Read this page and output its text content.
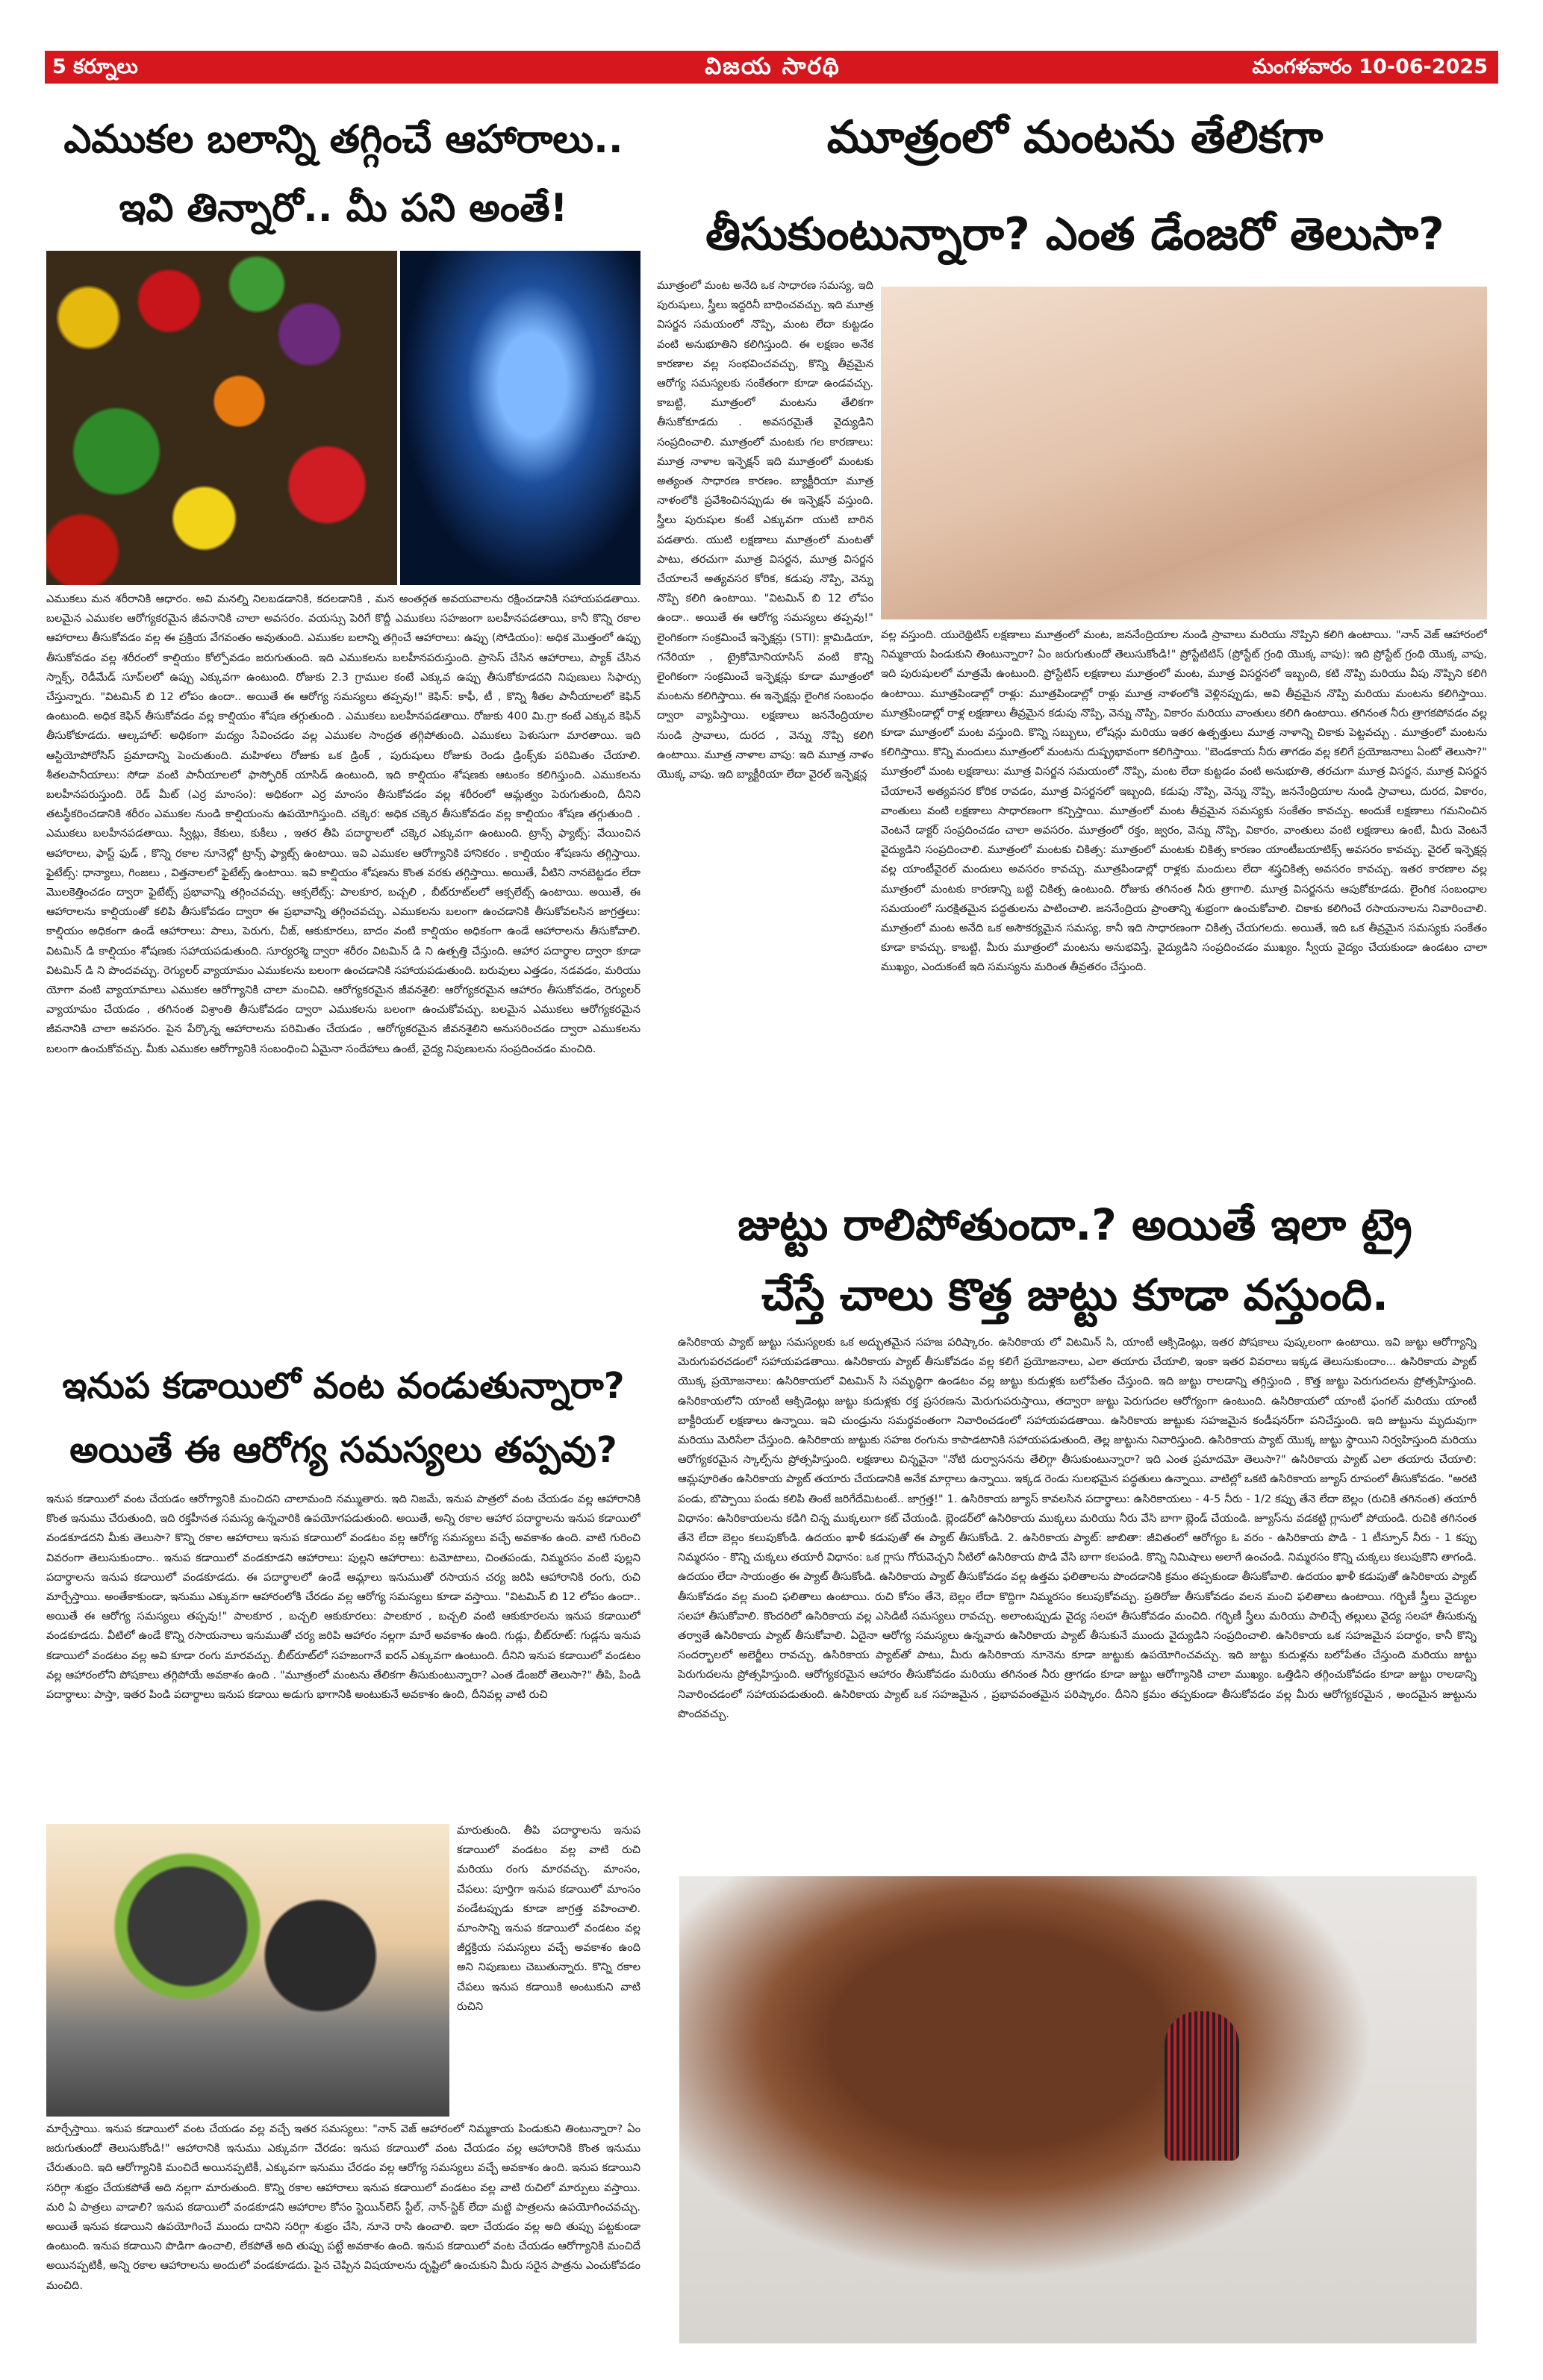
5 కర్నూలు	విజయ సారథి	మంగళవారం 10-06-2025
ఎముకల బలాన్ని తగ్గించే ఆహారాలు..
ఇవి తిన్నారో.. మీ పని అంతే!
ఎముకలు మన శరీరానికి ఆధారం. అవి మనల్ని నిలబడడానికి, కదలడానికి , మన అంతర్గత అవయవాలను రక్షించడానికి సహాయపడతాయి. బలమైన ఎముకల ఆరోగ్యకరమైన జీవనానికి చాలా అవసరం. వయస్సు పెరిగే కొద్దీ ఎముకలు సహజంగా బలహీనపడతాయి, కానీ కొన్ని రకాల ఆహారాలు తీసుకోవడం వల్ల ఈ ప్రక్రియ వేగవంతం అవుతుంది. ఎముకల బలాన్ని తగ్గించే ఆహారాలు: ఉప్పు (సోడియం): అధిక మొత్తంలో ఉప్పు తీసుకోవడం వల్ల శరీరంలో కాల్షియం కోల్పోవడం జరుగుతుంది. ఇది ఎముకలను బలహీనపరుస్తుంది. ప్రాసెస్ చేసిన ఆహారాలు, ప్యాక్ చేసిన స్నాక్స్, రెడీమేడ్ సూప్‌లలో ఉప్పు ఎక్కువగా ఉంటుంది. రోజుకు 2.3 గ్రాముల కంటే ఎక్కువ ఉప్పు తీసుకోకూడదని నిపుణులు సిఫార్సు చేస్తున్నారు. "విటమిన్ బి 12 లోపం ఉందా.. అయితే ఈ ఆరోగ్య సమస్యలు తప్పవు!" కెఫిన్: కాఫీ, టీ , కొన్ని శీతల పానీయాలలో కెఫిన్ ఉంటుంది. అధిక కెఫిన్ తీసుకోవడం వల్ల కాల్షియం శోషణ తగ్గుతుంది . ఎముకలు బలహీనపడతాయి. రోజుకు 400 మి.గ్రా కంటే ఎక్కువ కెఫిన్ తీసుకోకూడదు. ఆల్కహాల్: అధికంగా మద్యం సేవించడం వల్ల ఎముకల సాంద్రత తగ్గిపోతుంది. ఎముకలు పెళుసుగా మారతాయి. ఇది ఆస్టియోపోరోసిస్ ప్రమాదాన్ని పెంచుతుంది. మహిళలు రోజుకు ఒక డ్రింక్ , పురుషులు రోజుకు రెండు డ్రింక్స్‌కు పరిమితం చేయాలి. శీతలపానీయాలు: సోడా వంటి పానీయాలలో ఫాస్ఫోరిక్ యాసిడ్ ఉంటుంది, ఇది కాల్షియం శోషణకు ఆటంకం కలిగిస్తుంది. ఎముకలను బలహీనపరుస్తుంది. రెడ్ మీట్ (ఎర్ర మాంసం): అధికంగా ఎర్ర మాంసం తీసుకోవడం వల్ల శరీరంలో ఆమ్లత్వం పెరుగుతుంది, దీనిని తటస్థీకరించడానికి శరీరం ఎముకల నుండి కాల్షియంను ఉపయోగిస్తుంది. చక్కెర: అధిక చక్కెర తీసుకోవడం వల్ల కాల్షియం శోషణ తగ్గుతుంది . ఎముకలు బలహీనపడతాయి. స్వీట్లు, కేకులు, కుకీలు , ఇతర తీపి పదార్థాలలో చక్కెర ఎక్కువగా ఉంటుంది. ట్రాన్స్ ఫ్యాట్స్: వేయించిన ఆహారాలు, ఫాస్ట్ ఫుడ్ , కొన్ని రకాల నూనెల్లో ట్రాన్స్ ఫ్యాట్స్ ఉంటాయి. ఇవి ఎముకల ఆరోగ్యానికి హానికరం . కాల్షియం శోషణను తగ్గిస్తాయి. ఫైటేట్స్: ధాన్యాలు, గింజలు , విత్తనాలలో ఫైటేట్స్ ఉంటాయి. ఇవి కాల్షియం శోషణను కొంత వరకు తగ్గిస్తాయి. అయితే, వీటిని నానబెట్టడం లేదా మొలకెత్తించడం ద్వారా ఫైటేట్స్ ప్రభావాన్ని తగ్గించవచ్చు. ఆక్సలేట్స్: పాలకూర, బచ్చలి , బీట్‌రూట్‌లలో ఆక్సలేట్స్ ఉంటాయి. అయితే, ఈ ఆహారాలను కాల్షియంతో కలిపి తీసుకోవడం ద్వారా ఈ ప్రభావాన్ని తగ్గించవచ్చు. ఎముకలను బలంగా ఉంచడానికి తీసుకోవలసిన జాగ్రత్తలు: కాల్షియం అధికంగా ఉండే ఆహారాలు: పాలు, పెరుగు, చీజ్, ఆకుకూరలు, బాదం వంటి కాల్షియం అధికంగా ఉండే ఆహారాలను తీసుకోవాలి. విటమిన్ డి కాల్షియం శోషణకు సహాయపడుతుంది. సూర్యరశ్మి ద్వారా శరీరం విటమిన్ డి ని ఉత్పత్తి చేస్తుంది. ఆహార పదార్థాల ద్వారా కూడా విటమిన్ డి ని పొందవచ్చు. రెగ్యులర్ వ్యాయామం ఎముకలను బలంగా ఉంచడానికి సహాయపడుతుంది. బరువులు ఎత్తడం, నడవడం, మరియు యోగా వంటి వ్యాయామాలు ఎముకల ఆరోగ్యానికి చాలా మంచివి. ఆరోగ్యకరమైన జీవనశైలి: ఆరోగ్యకరమైన ఆహారం తీసుకోవడం, రెగ్యులర్ వ్యాయామం చేయడం , తగినంత విశ్రాంతి తీసుకోవడం ద్వారా ఎముకలను బలంగా ఉంచుకోవచ్చు. బలమైన ఎముకలు ఆరోగ్యకరమైన జీవనానికి చాలా అవసరం. పైన పేర్కొన్న ఆహారాలను పరిమితం చేయడం , ఆరోగ్యకరమైన జీవనశైలిని అనుసరించడం ద్వారా ఎముకలను బలంగా ఉంచుకోవచ్చు. మీకు ఎముకల ఆరోగ్యానికి సంబంధించి ఏమైనా సందేహాలు ఉంటే, వైద్య నిపుణులను సంప్రదించడం మంచిది.
ఇనుప కడాయిలో వంట వండుతున్నారా?
అయితే ఈ ఆరోగ్య సమస్యలు తప్పవు?
ఇనుప కడాయిలో వంట చేయడం ఆరోగ్యానికి మంచిదని చాలామంది నమ్ముతారు. ఇది నిజమే, ఇనుప పాత్రలో వంట చేయడం వల్ల ఆహారానికి కొంత ఇనుము చేరుతుంది, ఇది రక్తహీనత సమస్య ఉన్నవారికి ఉపయోగపడుతుంది. అయితే, అన్ని రకాల ఆహార పదార్థాలను ఇనుప కడాయిలో వండకూడదని మీకు తెలుసా? కొన్ని రకాల ఆహారాలు ఇనుప కడాయిలో వండటం వల్ల ఆరోగ్య సమస్యలు వచ్చే అవకాశం ఉంది. వాటి గురించి వివరంగా తెలుసుకుందాం.. ఇనుప కడాయిలో వండకూడని ఆహారాలు: పుల్లని ఆహారాలు: టమోటాలు, చింతపండు, నిమ్మరసం వంటి పుల్లని పదార్థాలను ఇనుప కడాయిలో వండకూడదు. ఈ పదార్థాలలో ఉండే ఆమ్లాలు ఇనుముతో రసాయన చర్య జరిపి ఆహారానికి రంగు, రుచి మార్చేస్తాయి. అంతేకాకుండా, ఇనుము ఎక్కువగా ఆహారంలోకి చేరడం వల్ల ఆరోగ్య సమస్యలు కూడా వస్తాయి. "విటమిన్ బి 12 లోపం ఉందా.. అయితే ఈ ఆరోగ్య సమస్యలు తప్పవు!" పాలకూర , బచ్చలి ఆకుకూరలు: పాలకూర , బచ్చలి వంటి ఆకుకూరలను ఇనుప కడాయిలో వండకూడదు. వీటిలో ఉండే కొన్ని రసాయనాలు ఇనుముతో చర్య జరిపి ఆహారం నల్లగా మారే అవకాశం ఉంది. గుడ్లు, బీట్‌రూట్: గుడ్లను ఇనుప కడాయిలో వండటం వల్ల అవి కూడా రంగు మారవచ్చు. బీట్‌రూట్‌లో సహజంగానే ఐరన్ ఎక్కువగా ఉంటుంది. దీనిని ఇనుప కడాయిలో వండటం వల్ల ఆహారంలోని పోషకాలు తగ్గిపోయే అవకాశం ఉంది . "మూత్రంలో మంటను తేలికగా తీసుకుంటున్నారా? ఎంత డేంజరో తెలుసా?" తీపి, పిండి పదార్థాలు: పాస్తా, ఇతర పిండి పదార్థాలు ఇనుప కడాయి అడుగు భాగానికి అంటుకునే అవకాశం ఉంది, దీనివల్ల వాటి రుచి
మారుతుంది. తీపి పదార్థాలను ఇనుప కడాయిలో వండటం వల్ల వాటి రుచి మరియు రంగు మారవచ్చు. మాంసం, చేపలు: పూర్తిగా ఇనుప కడాయిలో మాంసం వండేటప్పుడు కూడా జాగ్రత్త వహించాలి. మాంసాన్ని ఇనుప కడాయిలో వండటం వల్ల జీర్ణక్రియ సమస్యలు వచ్చే అవకాశం ఉంది అని నిపుణులు చెబుతున్నారు. కొన్ని రకాల చేపలు ఇనుప కడాయికి అంటుకుని వాటి రుచిని
మార్చేస్తాయి. ఇనుప కడాయిలో వంట చేయడం వల్ల వచ్చే ఇతర సమస్యలు: "నాన్ వెజ్ ఆహారంలో నిమ్మకాయ పిండుకుని తింటున్నారా? ఏం జరుగుతుందో తెలుసుకోండి!" ఆహారానికి ఇనుము ఎక్కువగా చేరడం: ఇనుప కడాయిలో వంట చేయడం వల్ల ఆహారానికి కొంత ఇనుము చేరుతుంది. ఇది ఆరోగ్యానికి మంచిదే అయినప్పటికీ, ఎక్కువగా ఇనుము చేరడం వల్ల ఆరోగ్య సమస్యలు వచ్చే అవకాశం ఉంది. ఇనుప కడాయిని సరిగ్గా శుభ్రం చేయకపోతే అది నల్లగా మారుతుంది. కొన్ని రకాల ఆహారాలు ఇనుప కడాయిలో వండటం వల్ల వాటి రుచిలో మార్పులు వస్తాయి. మరి ఏ పాత్రలు వాడాలి? ఇనుప కడాయిలో వండకూడని ఆహారాల కోసం స్టెయిన్‌లెస్ స్టీల్, నాన్-స్టిక్ లేదా మట్టి పాత్రలను ఉపయోగించవచ్చు. అయితే ఇనుప కడాయిని ఉపయోగించే ముందు దానిని సరిగ్గా శుభ్రం చేసి, నూనె రాసి ఉంచాలి. ఇలా చేయడం వల్ల అది తుప్పు పట్టకుండా ఉంటుంది. ఇనుప కడాయిని పొడిగా ఉంచాలి, లేకపోతే అది తుప్పు పట్టే అవకాశం ఉంది. ఇనుప కడాయిలో వంట చేయడం ఆరోగ్యానికి మంచిదే అయినప్పటికీ, అన్ని రకాల ఆహారాలను అందులో వండకూడదు. పైన చెప్పిన విషయాలను దృష్టిలో ఉంచుకుని మీరు సరైన పాత్రను ఎంచుకోవడం మంచిది.
మూత్రంలో మంటను తేలికగా
తీసుకుంటున్నారా? ఎంత డేంజరో తెలుసా?
మూత్రంలో మంట అనేది ఒక సాధారణ సమస్య, ఇది పురుషులు, స్త్రీలు ఇద్దరినీ బాధించవచ్చు. ఇది మూత్ర విసర్జన సమయంలో నొప్పి, మంట లేదా కుట్టడం వంటి అనుభూతిని కలిగిస్తుంది. ఈ లక్షణం అనేక కారణాల వల్ల సంభవించవచ్చు, కొన్ని తీవ్రమైన ఆరోగ్య సమస్యలకు సంకేతంగా కూడా ఉండవచ్చు. కాబట్టి, మూత్రంలో మంటను తేలికగా తీసుకోకూడదు . అవసరమైతే వైద్యుడిని సంప్రదించాలి. మూత్రంలో మంటకు గల కారణాలు: మూత్ర నాళాల ఇన్ఫెక్షన్ ఇది మూత్రంలో మంటకు అత్యంత సాధారణ కారణం. బ్యాక్టీరియా మూత్ర నాళంలోకి ప్రవేశించినప్పుడు ఈ ఇన్ఫెక్షన్ వస్తుంది. స్త్రీలు పురుషుల కంటే ఎక్కువగా యుటి బారిన పడతారు. యుటి లక్షణాలు మూత్రంలో మంటతో పాటు, తరచుగా మూత్ర విసర్జన, మూత్ర విసర్జన చేయాలనే అత్యవసర కోరిక, కడుపు నొప్పి, వెన్ను నొప్పి కలిగి ఉంటాయి. "విటమిన్ బి 12 లోపం ఉందా.. అయితే ఈ ఆరోగ్య సమస్యలు తప్పవు!" లైంగికంగా సంక్రమించే ఇన్ఫెక్షన్లు (STI): క్లామిడియా, గనేరియా , ట్రైకోమోనియాసిస్ వంటి కొన్ని లైంగికంగా సంక్రమించే ఇన్ఫెక్షన్లు కూడా మూత్రంలో మంటను కలిగిస్తాయి. ఈ ఇన్ఫెక్షన్లు లైంగిక సంబంధం ద్వారా వ్యాపిస్తాయి. లక్షణాలు జననేంద్రియాల నుండి స్రావాలు, దురద , వెన్ను నొప్పి కలిగి ఉంటాయి. మూత్ర నాళాల వాపు: ఇది మూత్ర నాళం యొక్క వాపు. ఇది బ్యాక్టీరియా లేదా వైరల్ ఇన్ఫెక్షన్ల
వల్ల వస్తుంది. యురెథ్రిటిస్ లక్షణాలు మూత్రంలో మంట, జననేంద్రియాల నుండి స్రావాలు మరియు నొప్పిని కలిగి ఉంటాయి. "నాన్ వెజ్ ఆహారంలో నిమ్మకాయ పిండుకుని తింటున్నారా? ఏం జరుగుతుందో తెలుసుకోండి!" ప్రోస్టేటిటిస్ (ప్రోస్టేట్ గ్రంథి యొక్క వాపు): ఇది ప్రోస్టేట్ గ్రంథి యొక్క వాపు, ఇది పురుషులలో మాత్రమే ఉంటుంది. ప్రోస్టేటిస్ లక్షణాలు మూత్రంలో మంట, మూత్ర విసర్జనలో ఇబ్బంది, కటి నొప్పి మరియు వీపు నొప్పిని కలిగి ఉంటాయి. మూత్రపిండాల్లో రాళ్లు: మూత్రపిండాల్లో రాళ్లు మూత్ర నాళంలోకి వెళ్లినప్పుడు, అవి తీవ్రమైన నొప్పి మరియు మంటను కలిగిస్తాయి. మూత్రపిండాల్లో రాళ్ల లక్షణాలు తీవ్రమైన కడుపు నొప్పి, వెన్ను నొప్పి, వికారం మరియు వాంతులు కలిగి ఉంటాయి. తగినంత నీరు త్రాగకపోవడం వల్ల కూడా మూత్రంలో మంట వస్తుంది. కొన్ని సబ్బులు, లోషన్లు మరియు ఇతర ఉత్పత్తులు మూత్ర నాళాన్ని చికాకు పెట్టవచ్చు . మూత్రంలో మంటను కలిగిస్తాయి. కొన్ని మందులు మూత్రంలో మంటను దుష్ప్రభావంగా కలిగిస్తాయి. "బెండకాయ నీరు తాగడం వల్ల కలిగే ప్రయోజనాలు ఏంటో తెలుసా?" మూత్రంలో మంట లక్షణాలు: మూత్ర విసర్జన సమయంలో నొప్పి, మంట లేదా కుట్టడం వంటి అనుభూతి, తరచుగా మూత్ర విసర్జన, మూత్ర విసర్జన చేయాలనే అత్యవసర కోరిక రావడం, మూత్ర విసర్జనలో ఇబ్బంది, కడుపు నొప్పి, వెన్ను నొప్పి, జననేంద్రియాల నుండి స్రావాలు, దురద, వికారం, వాంతులు వంటి లక్షణాలు సాధారణంగా కన్పిస్తాయి. మూత్రంలో మంట తీవ్రమైన సమస్యకు సంకేతం కావచ్చు. అందుకే లక్షణాలు గమనించిన వెంటనే డాక్టర్ సంప్రదించడం చాలా అవసరం. మూత్రంలో రక్తం, జ్వరం, వెన్ను నొప్పి, వికారం, వాంతులు వంటి లక్షణాలు ఉంటే, మీరు వెంటనే వైద్యుడిని సంప్రదించాలి. మూత్రంలో మంటకు చికిత్స: మూత్రంలో మంటకు చికిత్స కారణం యాంటీబయాటిక్స్ అవసరం కావచ్చు. వైరల్ ఇన్ఫెక్షన్ల వల్ల యాంటీవైరల్ మందులు అవసరం కావచ్చు. మూత్రపిండాల్లో రాళ్లకు మందులు లేదా శస్త్రచికిత్స అవసరం కావచ్చు. ఇతర కారణాల వల్ల మూత్రంలో మంటకు కారణాన్ని బట్టి చికిత్స ఉంటుంది. రోజుకు తగినంత నీరు త్రాగాలి. మూత్ర విసర్జనను ఆపుకోకూడదు. లైంగిక సంబంధాల సమయంలో సురక్షితమైన పద్ధతులను పాటించాలి. జననేంద్రియ ప్రాంతాన్ని శుభ్రంగా ఉంచుకోవాలి. చికాకు కలిగించే రసాయనాలను నివారించాలి. మూత్రంలో మంట అనేది ఒక అసౌకర్యమైన సమస్య, కానీ ఇది సాధారణంగా చికిత్స చేయగలదు. అయితే, ఇది ఒక తీవ్రమైన సమస్యకు సంకేతం కూడా కావచ్చు. కాబట్టి, మీరు మూత్రంలో మంటను అనుభవిస్తే, వైద్యుడిని సంప్రదించడం ముఖ్యం. స్వీయ వైద్యం చేయకుండా ఉండటం చాలా ముఖ్యం, ఎందుకంటే ఇది సమస్యను మరింత తీవ్రతరం చేస్తుంది.
జుట్టు రాలిపోతుందా.? అయితే ఇలా ట్రై
చేస్తే చాలు కొత్త జుట్టు కూడా వస్తుంది.
ఉసిరికాయ ప్యాట్ జుట్టు సమస్యలకు ఒక అద్భుతమైన సహజ పరిష్కారం. ఉసిరికాయ లో విటమిన్ సి, యాంటీ ఆక్సిడెంట్లు, ఇతర పోషకాలు పుష్కలంగా ఉంటాయి. ఇవి జుట్టు ఆరోగ్యాన్ని మెరుగుపరచడంలో సహాయపడతాయి. ఉసిరికాయ ప్యాట్ తీసుకోవడం వల్ల కలిగే ప్రయోజనాలు, ఎలా తయారు చేయాలి, ఇంకా ఇతర వివరాలు ఇక్కడ తెలుసుకుందాం... ఉసిరికాయ ప్యాట్ యొక్క ప్రయోజనాలు: ఉసిరికాయలో విటమిన్ సి సమృద్ధిగా ఉండటం వల్ల జుట్టు కుదుళ్లకు బలోపేతం చేస్తుంది. ఇది జుట్టు రాలడాన్ని తగ్గిస్తుంది , కొత్త జుట్టు పెరుగుదలను ప్రోత్సహిస్తుంది. ఉసిరికాయలోని యాంటీ ఆక్సిడెంట్లు జుట్టు కుదుళ్లకు రక్త ప్రసరణను మెరుగుపరుస్తాయి, తద్వారా జుట్టు పెరుగుదల ఆరోగ్యంగా ఉంటుంది. ఉసిరికాయలో యాంటీ ఫంగల్ మరియు యాంటీ బాక్టీరియల్ లక్షణాలు ఉన్నాయి. ఇవి చుండ్రును సమర్థవంతంగా నివారించడంలో సహాయపడతాయి. ఉసిరికాయ జుట్టుకు సహజమైన కండీషనర్‌గా పనిచేస్తుంది. ఇది జుట్టును మృదువుగా మరియు మెరిసేలా చేస్తుంది. ఉసిరికాయ జుట్టుకు సహజ రంగును కాపాడటానికి సహాయపడుతుంది, తెల్ల జుట్టును నివారిస్తుంది. ఉసిరికాయ ప్యాట్ యొక్క జుట్టు స్థాయిని నిర్వహిస్తుంది మరియు ఆరోగ్యకరమైన స్కాల్ప్‌ను ప్రోత్సహిస్తుంది. లక్షణాలు చిన్నవైనా "నోటి దుర్వాసనను తేలిగ్గా తీసుకుంటున్నారా? ఇది ఎంత ప్రమాదమో తెలుసా?" ఉసిరికాయ ప్యాట్ ఎలా తయారు చేయాలి: ఆమ్లపూరితం ఉసిరికాయ ప్యాట్ తయారు చేయడానికి అనేక మార్గాలు ఉన్నాయి. ఇక్కడ రెండు సులభమైన పద్ధతులు ఉన్నాయి. వాటిల్లో ఒకటి ఉసిరికాయ జ్యూస్ రూపంలో తీసుకోవడం. "అరటి పండు, బొప్పాయి పండు కలిపి తింటే జరిగేదేమిటంటే.. జాగ్రత్త!" 1. ఉసిరికాయ జ్యూస్ కావలసిన పదార్థాలు: ఉసిరికాయలు - 4-5 నీరు - 1/2 కప్పు తేనె లేదా బెల్లం (రుచికి తగినంత) తయారీ విధానం: ఉసిరికాయలను కడిగి చిన్న ముక్కలుగా కట్ చేయండి. బ్లెండర్‌లో ఉసిరికాయ ముక్కలు మరియు నీరు వేసి బాగా బ్లెండ్ చేయండి. జ్యూస్‌ను వడకట్టి గ్లాసులో పోయండి. రుచికి తగినంత తేనె లేదా బెల్లం కలుపుకోండి. ఉదయం ఖాళీ కడుపుతో ఈ ప్యాట్ తీసుకోండి. 2. ఉసిరికాయ ప్యాట్: జాబితా: జీవితంలో ఆరోగ్యం ఓ వరం - ఉసిరికాయ పొడి - 1 టీస్పూన్ నీరు - 1 కప్పు నిమ్మరసం - కొన్ని చుక్కలు తయారీ విధానం: ఒక గ్లాసు గోరువెచ్చని నీటిలో ఉసిరికాయ పొడి వేసి బాగా కలపండి. కొన్ని నిమిషాలు అలాగే ఉంచండి. నిమ్మరసం కొన్ని చుక్కలు కలుపుకొని తాగండి. ఉదయం లేదా సాయంత్రం ఈ ప్యాట్ తీసుకోండి. ఉసిరికాయ ప్యాట్ తీసుకోవడం వల్ల ఉత్తమ ఫలితాలను పొందడానికి క్రమం తప్పకుండా తీసుకోవాలి. ఉదయం ఖాళీ కడుపుతో ఉసిరికాయ ప్యాట్ తీసుకోవడం వల్ల మంచి ఫలితాలు ఉంటాయి. రుచి కోసం తేనె, బెల్లం లేదా కొద్దిగా నిమ్మరసం కలుపుకోవచ్చు. ప్రతిరోజు తీసుకోవడం వలన మంచి ఫలితాలు ఉంటాయి. గర్భిణీ స్త్రీలు వైద్యుల సలహా తీసుకోవాలి. కొందరిలో ఉసిరికాయ వల్ల ఎసిడిటీ సమస్యలు రావచ్చు. అలాంటప్పుడు వైద్య సలహా తీసుకోవడం మంచిది. గర్భిణీ స్త్రీలు మరియు పాలిచ్చే తల్లులు వైద్య సలహా తీసుకున్న తర్వాతే ఉసిరికాయ ప్యాట్ తీసుకోవాలి. ఏదైనా ఆరోగ్య సమస్యలు ఉన్నవారు ఉసిరికాయ ప్యాట్ తీసుకునే ముందు వైద్యుడిని సంప్రదించాలి. ఉసిరికాయ ఒక సహజమైన పదార్థం, కానీ కొన్ని సందర్భాలలో అలెర్జీలు రావచ్చు. ఉసిరికాయ ప్యాట్‌తో పాటు, మీరు ఉసిరికాయ నూనెను కూడా జుట్టుకు ఉపయోగించవచ్చు. ఇది జుట్టు కుదుళ్లను బలోపేతం చేస్తుంది మరియు జుట్టు పెరుగుదలను ప్రోత్సహిస్తుంది. ఆరోగ్యకరమైన ఆహారం తీసుకోవడం మరియు తగినంత నీరు త్రాగడం కూడా జుట్టు ఆరోగ్యానికి చాలా ముఖ్యం. ఒత్తిడిని తగ్గించుకోవడం కూడా జుట్టు రాలడాన్ని నివారించడంలో సహాయపడుతుంది. ఉసిరికాయ ప్యాట్ ఒక సహజమైన , ప్రభావవంతమైన పరిష్కారం. దీనిని క్రమం తప్పకుండా తీసుకోవడం వల్ల మీరు ఆరోగ్యకరమైన , అందమైన జుట్టును పొందవచ్చు.
